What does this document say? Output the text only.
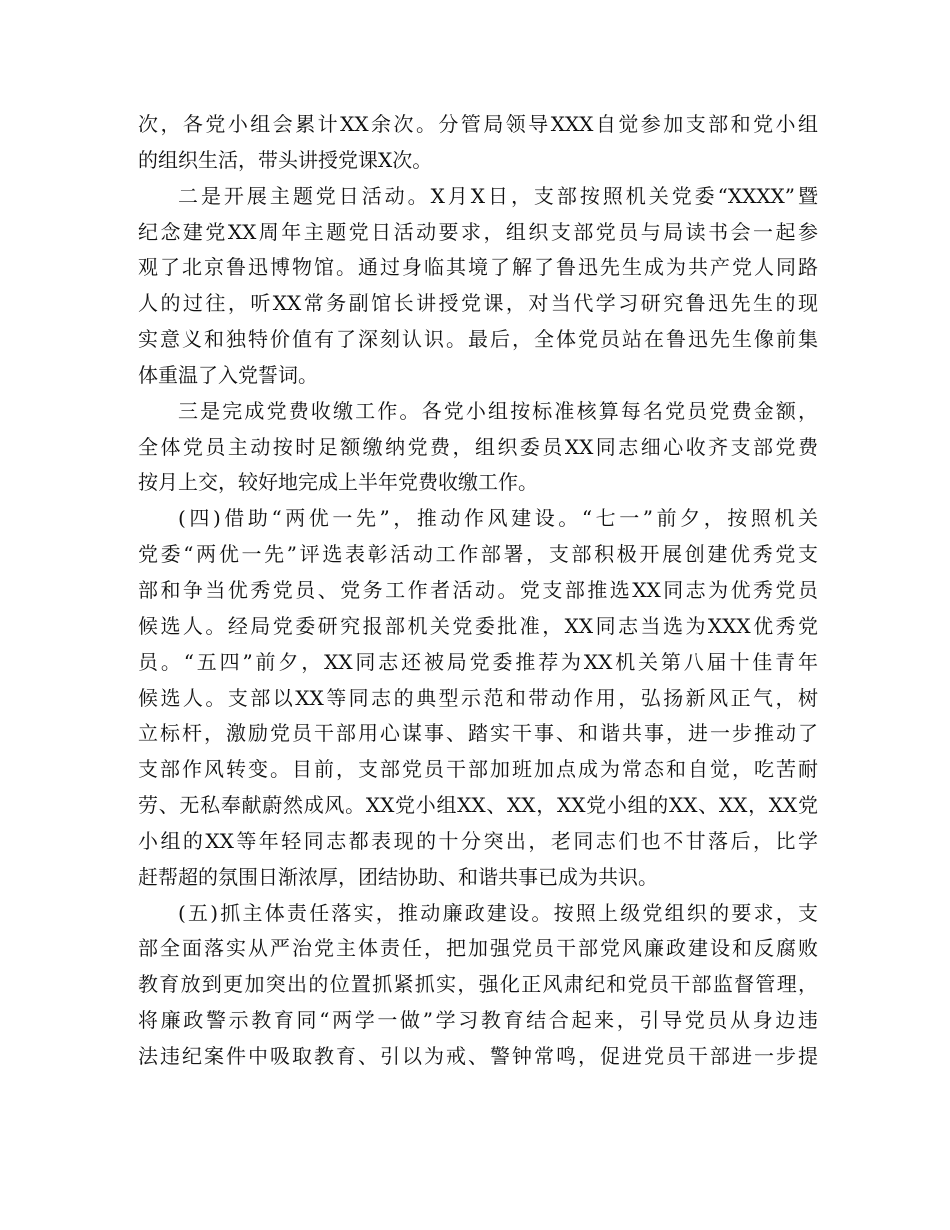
次，各党小组会累计XX余次。分管局领导XXX自觉参加支部和党小组
的组织生活，带头讲授党课X次。
二是开展主题党日活动。X月X日，支部按照机关党委“XXXX”暨
纪念建党XX周年主题党日活动要求，组织支部党员与局读书会一起参
观了北京鲁迅博物馆。通过身临其境了解了鲁迅先生成为共产党人同路
人的过往，听XX常务副馆长讲授党课，对当代学习研究鲁迅先生的现
实意义和独特价值有了深刻认识。最后，全体党员站在鲁迅先生像前集
体重温了入党誓词。
三是完成党费收缴工作。各党小组按标准核算每名党员党费金额，
全体党员主动按时足额缴纳党费，组织委员XX同志细心收齐支部党费
按月上交，较好地完成上半年党费收缴工作。
(四)借助“两优一先”，推动作风建设。“七一”前夕，按照机关
党委“两优一先”评选表彰活动工作部署，支部积极开展创建优秀党支
部和争当优秀党员、党务工作者活动。党支部推选XX同志为优秀党员
候选人。经局党委研究报部机关党委批准，XX同志当选为XXX优秀党
员。“五四”前夕，XX同志还被局党委推荐为XX机关第八届十佳青年
候选人。支部以XX等同志的典型示范和带动作用，弘扬新风正气，树
立标杆，激励党员干部用心谋事、踏实干事、和谐共事，进一步推动了
支部作风转变。目前，支部党员干部加班加点成为常态和自觉，吃苦耐
劳、无私奉献蔚然成风。XX党小组XX、XX，XX党小组的XX、XX，XX党
小组的XX等年轻同志都表现的十分突出，老同志们也不甘落后，比学
赶帮超的氛围日渐浓厚，团结协助、和谐共事已成为共识。
(五)抓主体责任落实，推动廉政建设。按照上级党组织的要求，支
部全面落实从严治党主体责任，把加强党员干部党风廉政建设和反腐败
教育放到更加突出的位置抓紧抓实，强化正风肃纪和党员干部监督管理，
将廉政警示教育同“两学一做”学习教育结合起来，引导党员从身边违
法违纪案件中吸取教育、引以为戒、警钟常鸣，促进党员干部进一步提
